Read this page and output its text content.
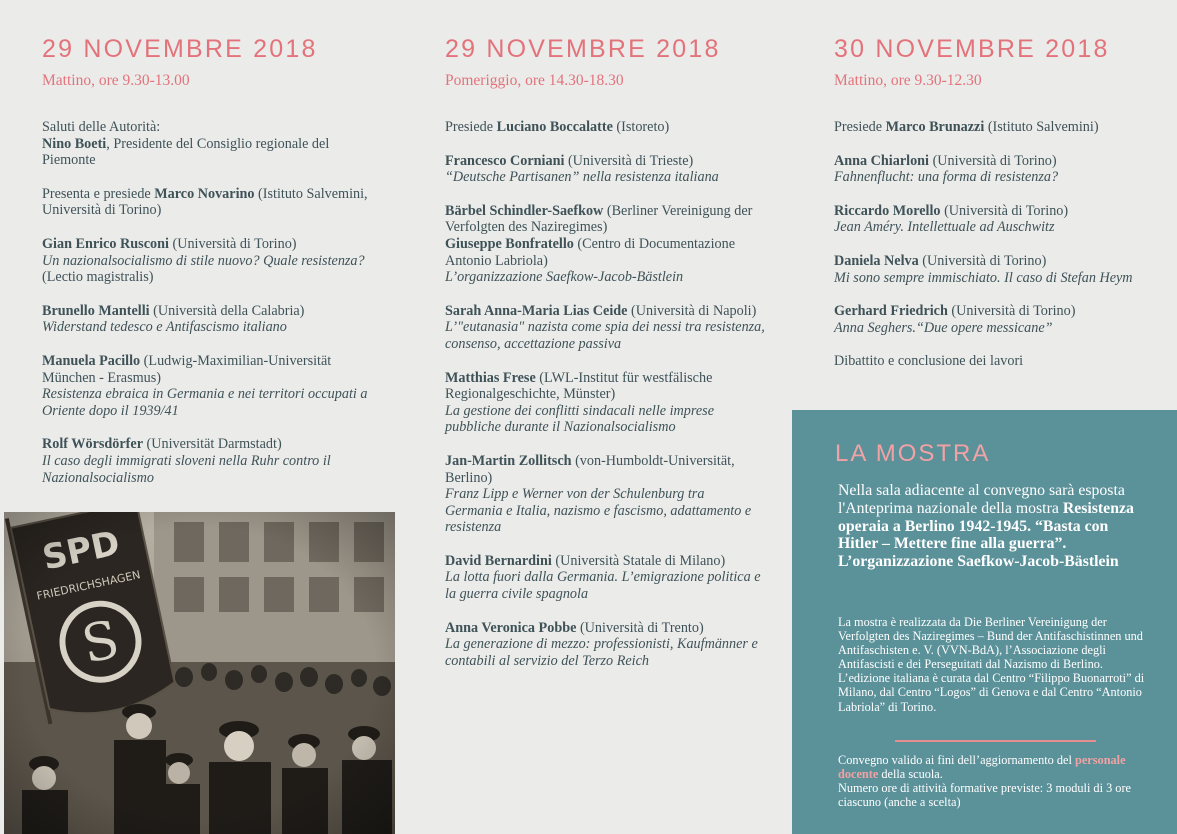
29 NOVEMBRE 2018
Mattino, ore 9.30-13.00
Saluti delle Autorità:
Nino Boeti, Presidente del Consiglio regionale del Piemonte
Presenta e presiede Marco Novarino (Istituto Salvemini, Università di Torino)
Gian Enrico Rusconi (Università di Torino)
Un nazionalsocialismo di stile nuovo? Quale resistenza? (Lectio magistralis)
Brunello Mantelli (Università della Calabria)
Widerstand tedesco e Antifascismo italiano
Manuela Pacillo (Ludwig-Maximilian-Universität München - Erasmus)
Resistenza ebraica in Germania e nei territori occupati a Oriente dopo il 1939/41
Rolf Wörsdörfer (Universität Darmstadt)
Il caso degli immigrati sloveni nella Ruhr contro il Nazionalsocialismo
29 NOVEMBRE 2018
Pomeriggio, ore 14.30-18.30
Presiede Luciano Boccalatte (Istoreto)
Francesco Corniani (Università di Trieste)
“Deutsche Partisanen” nella resistenza italiana
Bärbel Schindler-Saefkow (Berliner Vereinigung der Verfolgten des Naziregimes)
Giuseppe Bonfratello (Centro di Documentazione Antonio Labriola)
L’organizzazione Saefkow-Jacob-Bästlein
Sarah Anna-Maria Lias Ceide (Università di Napoli)
L’"eutanasia" nazista come spia dei nessi tra resistenza, consenso, accettazione passiva
Matthias Frese (LWL-Institut für westfälische Regionalgeschichte, Münster)
La gestione dei conflitti sindacali nelle imprese pubbliche durante il Nazionalsocialismo
Jan-Martin Zollitsch (von-Humboldt-Universität, Berlino)
Franz Lipp e Werner von der Schulenburg tra Germania e Italia, nazismo e fascismo, adattamento e resistenza
David Bernardini (Università Statale di Milano)
La lotta fuori dalla Germania. L’emigrazione politica e la guerra civile spagnola
Anna Veronica Pobbe (Università di Trento)
La generazione di mezzo: professionisti, Kaufmänner e contabili al servizio del Terzo Reich
30 NOVEMBRE 2018
Mattino, ore 9.30-12.30
Presiede Marco Brunazzi (Istituto Salvemini)
Anna Chiarloni (Università di Torino)
Fahnenflucht: una forma di resistenza?
Riccardo Morello (Università di Torino)
Jean Améry. Intellettuale ad Auschwitz
Daniela Nelva (Università di Torino)
Mi sono sempre immischiato. Il caso di Stefan Heym
Gerhard Friedrich (Università di Torino)
Anna Seghers.“Due opere messicane”
Dibattito e conclusione dei lavori
LA MOSTRA
Nella sala adiacente al convegno sarà esposta l'Anteprima nazionale della mostra Resistenza operaia a Berlino 1942-1945. “Basta con Hitler – Mettere fine alla guerra”. L’organizzazione Saefkow-Jacob-Bästlein
La mostra è realizzata da Die Berliner Vereinigung der Verfolgten des Naziregimes – Bund der Antifaschistinnen und Antifaschisten e. V. (VVN-BdA), l’Associazione degli Antifascisti e dei Perseguitati dal Nazismo di Berlino. L’edizione italiana è curata dal Centro “Filippo Buonarroti” di Milano, dal Centro “Logos” di Genova e dal Centro “Antonio Labriola” di Torino.
Convegno valido ai fini dell’aggiornamento del personale docente della scuola.
Numero ore di attività formative previste: 3 moduli di 3 ore ciascuno (anche a scelta)
